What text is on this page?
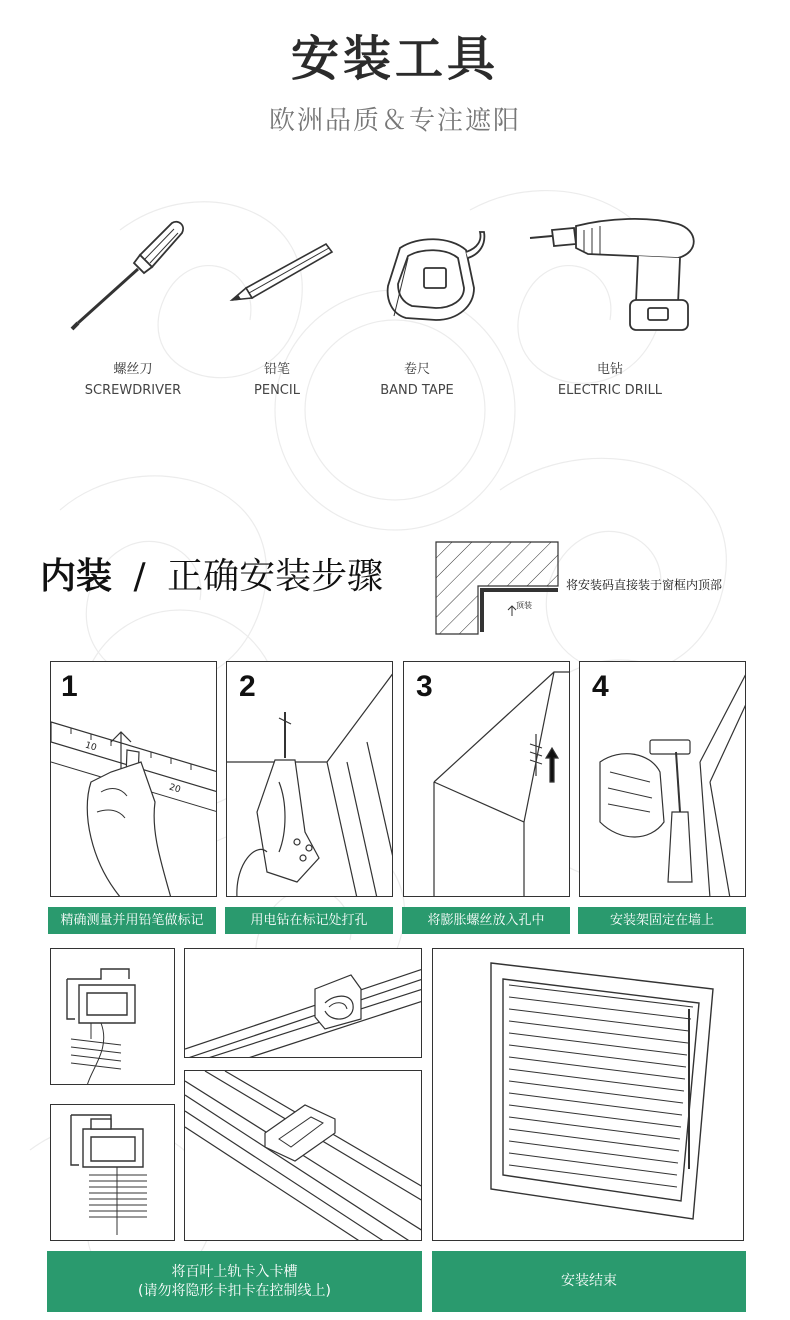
安装工具
欧洲品质＆专注遮阳
螺丝刀
SCREWDRIVER
铅笔
PENCIL
卷尺
BAND TAPE
电钻
ELECTRIC DRILL
内装 / 正确安装步骤
顶装
将安装码直接装于窗框内顶部
1
10
20
2	3	4
精确测量并用铅笔做标记	用电钻在标记处打孔	将膨胀螺丝放入孔中	安装架固定在墙上
将百叶上轨卡入卡槽
(请勿将隐形卡扣卡在控制线上)
安装结束
